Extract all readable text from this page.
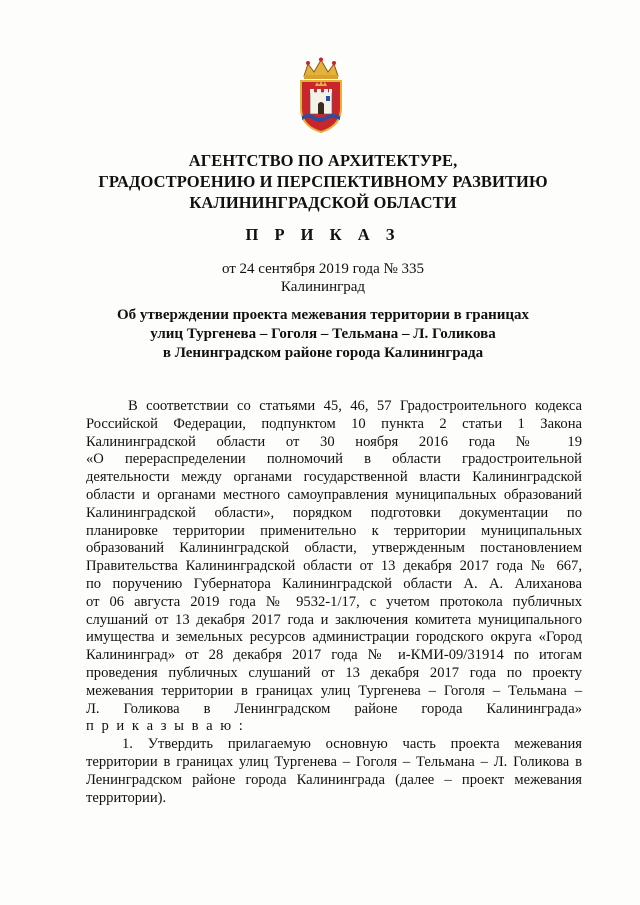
АГЕНТСТВО ПО АРХИТЕКТУРЕ,
ГРАДОСТРОЕНИЮ И ПЕРСПЕКТИВНОМУ РАЗВИТИЮ
КАЛИНИНГРАДСКОЙ ОБЛАСТИ
П Р И К А З
от 24 сентября 2019 года № 335
Калининград
Об утверждении проекта межевания территории в границах
улиц Тургенева – Гоголя – Тельмана – Л. Голикова
в Ленинградском районе города Калининграда
В соответствии со статьями 45, 46, 57 Градостроительного кодекса
Российской Федерации, подпунктом 10 пункта 2 статьи 1 Закона
Калининградской области от 30 ноября 2016 года № 19
«О перераспределении полномочий в области градостроительной
деятельности между органами государственной власти Калининградской
области и органами местного самоуправления муниципальных образований
Калининградской области», порядком подготовки документации по
планировке территории применительно к территории муниципальных
образований Калининградской области, утвержденным постановлением
Правительства Калининградской области от 13 декабря 2017 года № 667,
по поручению Губернатора Калининградской области А. А. Алиханова
от 06 августа 2019 года № 9532-1/17, с учетом протокола публичных
слушаний от 13 декабря 2017 года и заключения комитета муниципального
имущества и земельных ресурсов администрации городского округа «Город
Калининград» от 28 декабря 2017 года № и-КМИ-09/31914 по итогам
проведения публичных слушаний от 13 декабря 2017 года по проекту
межевания территории в границах улиц Тургенева – Гоголя – Тельмана –
Л. Голикова в Ленинградском районе города Калининграда»
п р и к а з ы в а ю :
1. Утвердить прилагаемую основную часть проекта межевания
территории в границах улиц Тургенева – Гоголя – Тельмана – Л. Голикова в
Ленинградском районе города Калининграда (далее – проект межевания
территории).
